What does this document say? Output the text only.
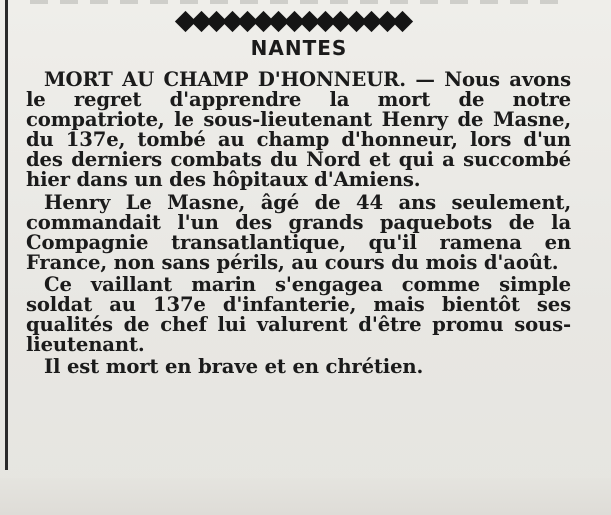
NANTES

MORT AU CHAMP D'HONNEUR. — Nous avons le regret d'apprendre la mort de notre compatriote, le sous-lieutenant Henry de Masne, du 137e, tombé au champ d'honneur, lors d'un des derniers combats du Nord et qui a succombé hier dans un des hôpitaux d'Amiens.

Henry Le Masne, âgé de 44 ans seulement, commandait l'un des grands paquebots de la Compagnie transatlantique, qu'il ramena en France, non sans périls, au cours du mois d'août.

Ce vaillant marin s'engagea comme simple soldat au 137e d'infanterie, mais bientôt ses qualités de chef lui valurent d'être promu sous-lieutenant.

Il est mort en brave et en chrétien.
